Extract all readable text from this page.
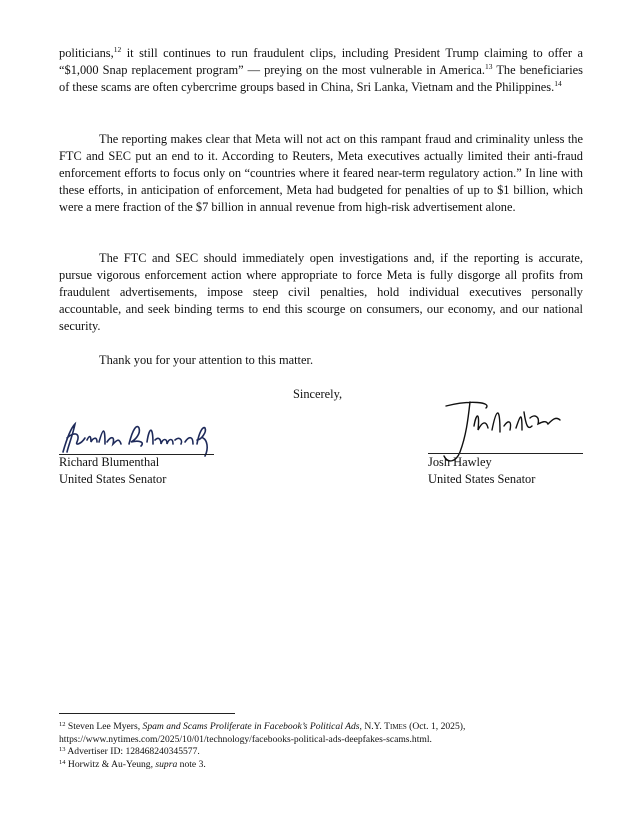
politicians,$^{12}$ it still continues to run fraudulent clips, including President Trump claiming to offer a “$1,000 Snap replacement program” — preying on the most vulnerable in America.$^{13}$ The beneficiaries of these scams are often cybercrime groups based in China, Sri Lanka, Vietnam and the Philippines.$^{14}$

The reporting makes clear that Meta will not act on this rampant fraud and criminality unless the FTC and SEC put an end to it. According to Reuters, Meta executives actually limited their anti-fraud enforcement efforts to focus only on “countries where it feared near-term regulatory action.” In line with these efforts, in anticipation of enforcement, Meta had budgeted for penalties of up to $1 billion, which were a mere fraction of the $7 billion in annual revenue from high-risk advertisement alone.

The FTC and SEC should immediately open investigations and, if the reporting is accurate, pursue vigorous enforcement action where appropriate to force Meta is fully disgorge all profits from fraudulent advertisements, impose steep civil penalties, hold individual executives personally accountable, and seek binding terms to end this scourge on consumers, our economy, and our national security.

Thank you for your attention to this matter.

Sincerely,
Richard Blumenthal
United States Senator
Josh Hawley
United States Senator
$^{12}$ Steven Lee Myers, Spam and Scams Proliferate in Facebook’s Political Ads, N.Y. Times (Oct. 1, 2025),
https://www.nytimes.com/2025/10/01/technology/facebooks-political-ads-deepfakes-scams.html.
$^{13}$ Advertiser ID: 128468240345577.
$^{14}$ Horwitz & Au-Yeung, supra note 3.
